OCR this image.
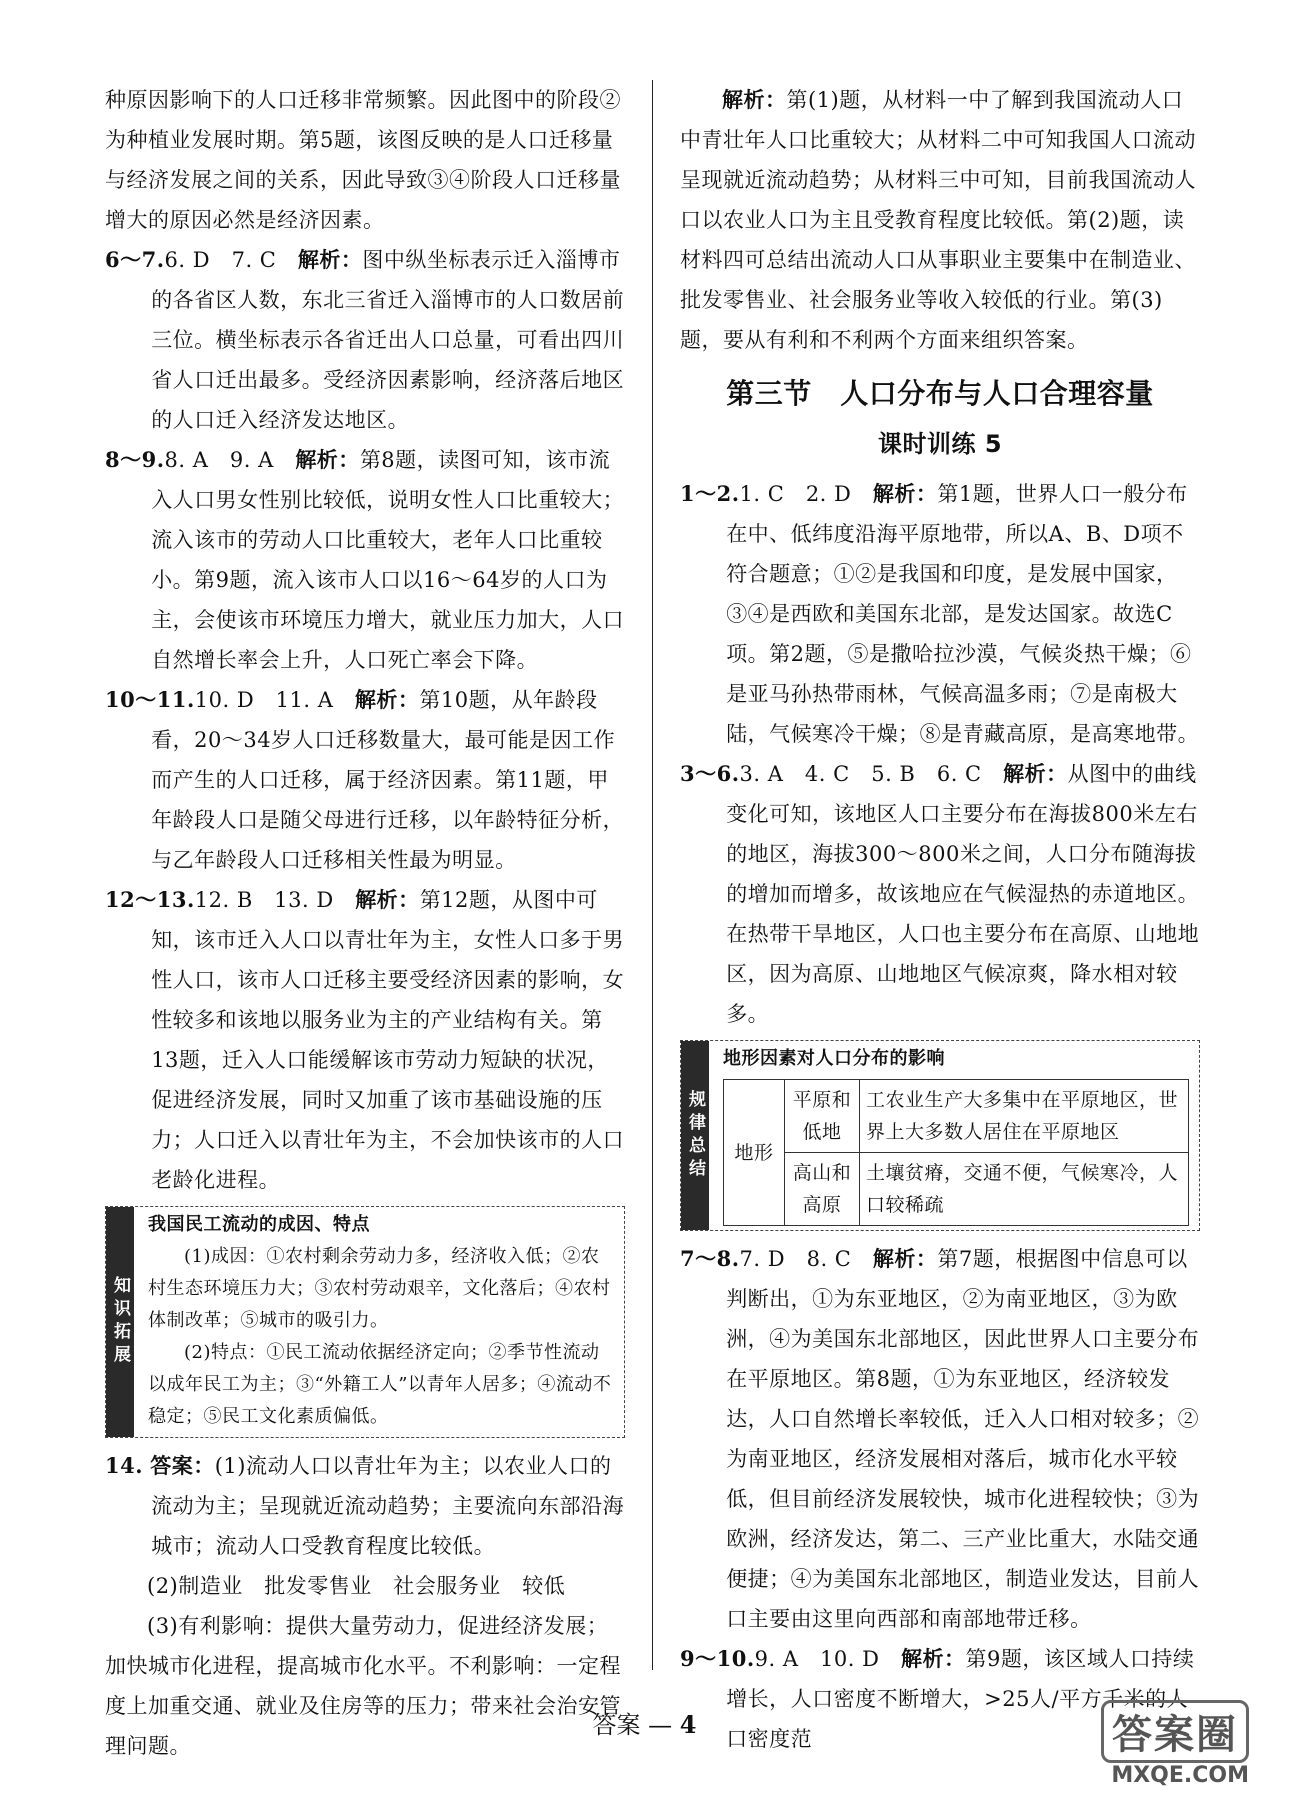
种原因影响下的人口迁移非常频繁。因此图中的阶段②为种植业发展时期。第5题，该图反映的是人口迁移量与经济发展之间的关系，因此导致③④阶段人口迁移量增大的原因必然是经济因素。

6～7.6. D　7. C　 解析：图中纵坐标表示迁入淄博市的各省区人数，东北三省迁入淄博市的人口数居前三位。横坐标表示各省迁出人口总量，可看出四川省人口迁出最多。受经济因素影响，经济落后地区的人口迁入经济发达地区。

8～9.8. A　9. A　 解析：第8题，读图可知，该市流入人口男女性别比较低，说明女性人口比重较大；流入该市的劳动人口比重较大，老年人口比重较小。第9题，流入该市人口以16～64岁的人口为主，会使该市环境压力增大，就业压力加大，人口自然增长率会上升，人口死亡率会下降。

10～11.10. D　11. A　 解析：第10题，从年龄段看，20～34岁人口迁移数量大，最可能是因工作而产生的人口迁移，属于经济因素。第11题，甲年龄段人口是随父母进行迁移，以年龄特征分析，与乙年龄段人口迁移相关性最为明显。

12～13.12. B　13. D　 解析：第12题，从图中可知，该市迁入人口以青壮年为主，女性人口多于男性人口，该市人口迁移主要受经济因素的影响，女性较多和该地以服务业为主的产业结构有关。第13题，迁入人口能缓解该市劳动力短缺的状况，促进经济发展，同时又加重了该市基础设施的压力；人口迁入以青壮年为主，不会加快该市的人口老龄化进程。

知识拓展
我国民工流动的成因、特点
(1)成因：①农村剩余劳动力多，经济收入低；②农村生态环境压力大；③农村劳动艰辛，文化落后；④农村体制改革；⑤城市的吸引力。
(2)特点：①民工流动依据经济定向；②季节性流动以成年民工为主；③“外籍工人”以青年人居多；④流动不稳定；⑤民工文化素质偏低。

14. 答案：(1)流动人口以青壮年为主；以农业人口的流动为主；呈现就近流动趋势；主要流向东部沿海城市；流动人口受教育程度比较低。

(2)制造业　批发零售业　社会服务业　较低

(3)有利影响：提供大量劳动力，促进经济发展；加快城市化进程，提高城市化水平。不利影响：一定程度上加重交通、就业及住房等的压力；带来社会治安管理问题。

解析：第(1)题，从材料一中了解到我国流动人口中青壮年人口比重较大；从材料二中可知我国人口流动呈现就近流动趋势；从材料三中可知，目前我国流动人口以农业人口为主且受教育程度比较低。第(2)题，读材料四可总结出流动人口从事职业主要集中在制造业、批发零售业、社会服务业等收入较低的行业。第(3)题，要从有利和不利两个方面来组织答案。

第三节　人口分布与人口合理容量
课时训练 5

1～2.1. C　2. D　 解析：第1题，世界人口一般分布在中、低纬度沿海平原地带，所以A、B、D项不符合题意；①②是我国和印度，是发展中国家，③④是西欧和美国东北部，是发达国家。故选C项。第2题，⑤是撒哈拉沙漠，气候炎热干燥；⑥是亚马孙热带雨林，气候高温多雨；⑦是南极大陆，气候寒冷干燥；⑧是青藏高原，是高寒地带。

3～6.3. A　4. C　5. B　6. C　 解析：从图中的曲线变化可知，该地区人口主要分布在海拔800米左右的地区，海拔300～800米之间，人口分布随海拔的增加而增多，故该地应在气候湿热的赤道地区。在热带干旱地区，人口也主要分布在高原、山地地区，因为高原、山地地区气候凉爽，降水相对较多。

规律总结
地形因素对人口分布的影响
地形	平原和低地	工农业生产大多集中在平原地区，世界上大多数人居住在平原地区
	高山和高原	土壤贫瘠，交通不便，气候寒冷，人口较稀疏

7～8.7. D　8. C　 解析：第7题，根据图中信息可以判断出，①为东亚地区，②为南亚地区，③为欧洲，④为美国东北部地区，因此世界人口主要分布在平原地区。第8题，①为东亚地区，经济较发达，人口自然增长率较低，迁入人口相对较多；②为南亚地区，经济发展相对落后，城市化水平较低，但目前经济发展较快，城市化进程较快；③为欧洲，经济发达，第二、三产业比重大，水陆交通便捷；④为美国东北部地区，制造业发达，目前人口主要由这里向西部和南部地带迁移。

9～10.9. A　10. D　 解析：第9题，该区域人口持续增长，人口密度不断增大，>25人/平方千米的人口密度范

答案 — 4	答案圈
MXQE.COM
